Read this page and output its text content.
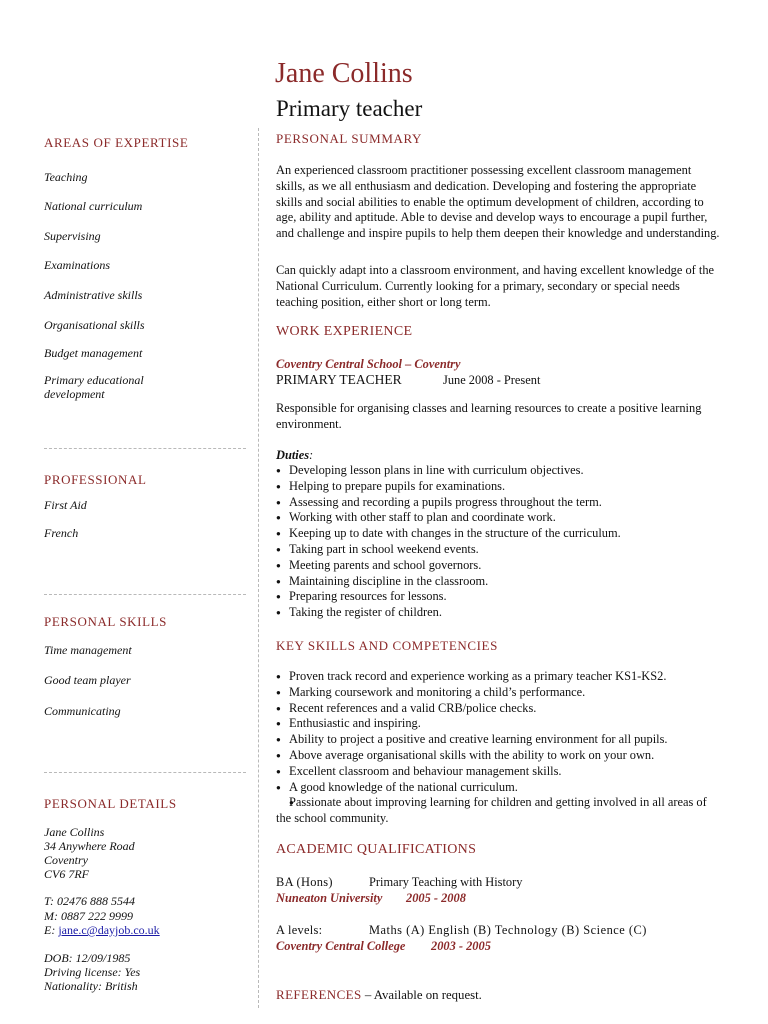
Jane Collins
Primary teacher
AREAS OF EXPERTISE
Teaching
National curriculum
Supervising
Examinations
Administrative skills
Organisational skills
Budget management
Primary educational development
PROFESSIONAL
First Aid
French
PERSONAL SKILLS
Time management
Good team player
Communicating
PERSONAL DETAILS
Jane Collins
34 Anywhere Road
Coventry
CV6 7RF
T: 02476 888 5544
M: 0887 222 9999
E: jane.c@dayjob.co.uk
DOB: 12/09/1985
Driving license: Yes
Nationality: British
PERSONAL SUMMARY
An experienced classroom practitioner possessing excellent classroom management skills, as we all enthusiasm and dedication. Developing and fostering the appropriate skills and social abilities to enable the optimum development of children, according to age, ability and aptitude. Able to devise and develop ways to encourage a pupil further, and challenge and inspire pupils to help them deepen their knowledge and understanding.
Can quickly adapt into a classroom environment, and having excellent knowledge of the National Curriculum. Currently looking for a primary, secondary or special needs teaching position, either short or long term.
WORK EXPERIENCE
Coventry Central School – Coventry
PRIMARY TEACHER	June 2008 - Present
Responsible for organising classes and learning resources to create a positive learning environment.
Duties:
● Developing lesson plans in line with curriculum objectives.
● Helping to prepare pupils for examinations.
● Assessing and recording a pupils progress throughout the term.
● Working with other staff to plan and coordinate work.
● Keeping up to date with changes in the structure of the curriculum.
● Taking part in school weekend events.
● Meeting parents and school governors.
● Maintaining discipline in the classroom.
● Preparing resources for lessons.
● Taking the register of children.
KEY SKILLS AND COMPETENCIES
● Proven track record and experience working as a primary teacher KS1-KS2.
● Marking coursework and monitoring a child’s performance.
● Recent references and a valid CRB/police checks.
● Enthusiastic and inspiring.
● Ability to project a positive and creative learning environment for all pupils.
● Above average organisational skills with the ability to work on your own.
● Excellent classroom and behaviour management skills.
● A good knowledge of the national curriculum.
● Passionate about improving learning for children and getting involved in all areas of the school community.
ACADEMIC QUALIFICATIONS
BA (Hons)	Primary Teaching with History
Nuneaton University 2005 - 2008
A levels:	Maths (A) English (B) Technology (B) Science (C)
Coventry Central College 2003 - 2005
REFERENCES – Available on request.
